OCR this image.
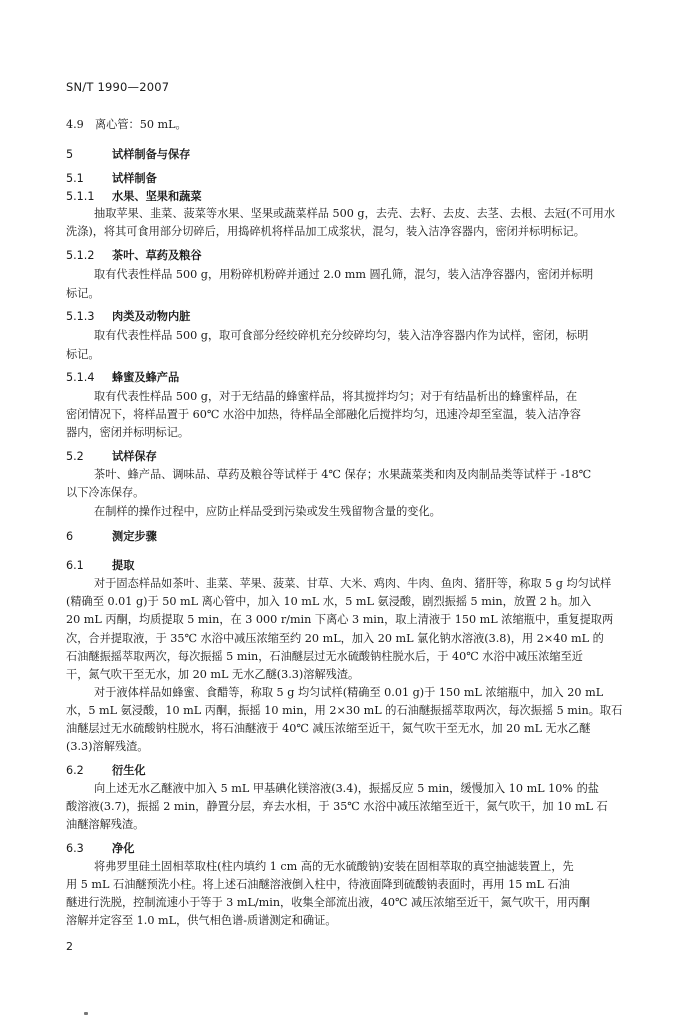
SN/T 1990—2007
4.9　离心管：50 mL。
5	试样制备与保存
5.1	试样制备
5.1.1 水果、坚果和蔬菜
抽取苹果、韭菜、菠菜等水果、坚果或蔬菜样品 500 g，去壳、去籽、去皮、去茎、去根、去冠(不可用水
洗涤)，将其可食用部分切碎后，用捣碎机将样品加工成浆状，混匀，装入洁净容器内，密闭并标明标记。
5.1.2 茶叶、草药及粮谷
取有代表性样品 500 g，用粉碎机粉碎并通过 2.0 mm 圆孔筛，混匀，装入洁净容器内，密闭并标明
标记。
5.1.3 肉类及动物内脏
取有代表性样品 500 g，取可食部分经绞碎机充分绞碎均匀，装入洁净容器内作为试样，密闭，标明
标记。
5.1.4 蜂蜜及蜂产品
取有代表性样品 500 g，对于无结晶的蜂蜜样品，将其搅拌均匀；对于有结晶析出的蜂蜜样品，在
密闭情况下，将样品置于 60℃ 水浴中加热，待样品全部融化后搅拌均匀，迅速冷却至室温，装入洁净容
器内，密闭并标明标记。
5.2	试样保存
茶叶、蜂产品、调味品、草药及粮谷等试样于 4℃ 保存；水果蔬菜类和肉及肉制品类等试样于 -18℃
以下冷冻保存。
在制样的操作过程中，应防止样品受到污染或发生残留物含量的变化。
6	测定步骤
6.1	提取
对于固态样品如茶叶、韭菜、苹果、菠菜、甘草、大米、鸡肉、牛肉、鱼肉、猪肝等，称取 5 g 均匀试样
(精确至 0.01 g)于 50 mL 离心管中，加入 10 mL 水，5 mL 氨浸酸，剧烈振摇 5 min，放置 2 h。加入
20 mL 丙酮，均质提取 5 min，在 3 000 r/min 下离心 3 min，取上清液于 150 mL 浓缩瓶中，重复提取两
次，合并提取液，于 35℃ 水浴中减压浓缩至约 20 mL，加入 20 mL 氯化钠水溶液(3.8)，用 2×40 mL 的
石油醚振摇萃取两次，每次振摇 5 min，石油醚层过无水硫酸钠柱脱水后，于 40℃ 水浴中减压浓缩至近
干，氮气吹干至无水，加 20 mL 无水乙醚(3.3)溶解残渣。
对于液体样品如蜂蜜、食醋等，称取 5 g 均匀试样(精确至 0.01 g)于 150 mL 浓缩瓶中，加入 20 mL
水，5 mL 氨浸酸，10 mL 丙酮，振摇 10 min，用 2×30 mL 的石油醚振摇萃取两次，每次振摇 5 min。取石
油醚层过无水硫酸钠柱脱水，将石油醚液于 40℃ 减压浓缩至近干，氮气吹干至无水，加 20 mL 无水乙醚
(3.3)溶解残渣。
6.2	衍生化
向上述无水乙醚液中加入 5 mL 甲基碘化镁溶液(3.4)，振摇反应 5 min，缓慢加入 10 mL 10% 的盐
酸溶液(3.7)，振摇 2 min，静置分层，弃去水相，于 35℃ 水浴中减压浓缩至近干，氮气吹干，加 10 mL 石
油醚溶解残渣。
6.3	净化
将弗罗里硅土固相萃取柱(柱内填约 1 cm 高的无水硫酸钠)安装在固相萃取的真空抽滤装置上，先
用 5 mL 石油醚预洗小柱。将上述石油醚溶液倒入柱中，待液面降到硫酸钠表面时，再用 15 mL 石油
醚进行洗脱，控制流速小于等于 3 mL/min，收集全部流出液，40℃ 减压浓缩至近干，氮气吹干，用丙酮
溶解并定容至 1.0 mL，供气相色谱-质谱测定和确证。
2
